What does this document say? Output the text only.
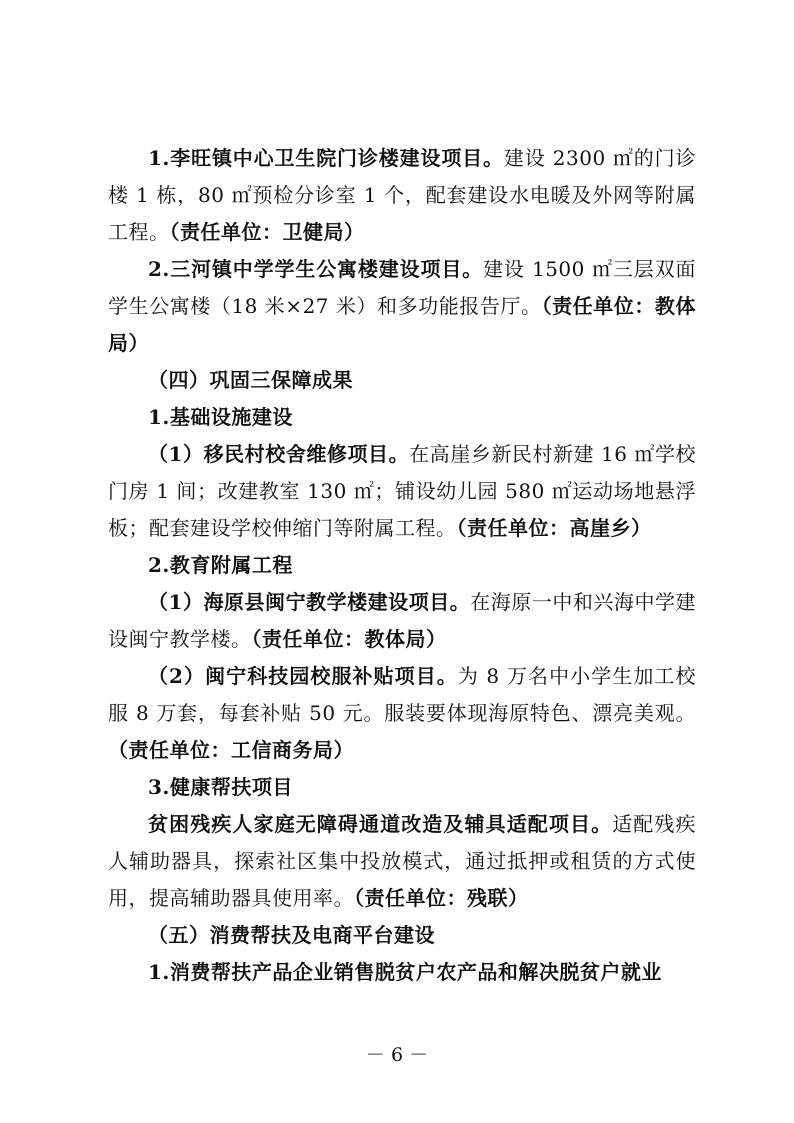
1.李旺镇中心卫生院门诊楼建设项目。建设 2300 ㎡的门诊楼 1 栋，80 ㎡预检分诊室 1 个，配套建设水电暖及外网等附属工程。（责任单位：卫健局）

2.三河镇中学学生公寓楼建设项目。建设 1500 ㎡三层双面学生公寓楼（18 米×27 米）和多功能报告厅。（责任单位：教体局）

（四）巩固三保障成果

1.基础设施建设

（1）移民村校舍维修项目。在高崖乡新民村新建 16 ㎡学校门房 1 间；改建教室 130 ㎡；铺设幼儿园 580 ㎡运动场地悬浮板；配套建设学校伸缩门等附属工程。（责任单位：高崖乡）

2.教育附属工程

（1）海原县闽宁教学楼建设项目。在海原一中和兴海中学建设闽宁教学楼。（责任单位：教体局）

（2）闽宁科技园校服补贴项目。为 8 万名中小学生加工校服 8 万套，每套补贴 50 元。服装要体现海原特色、漂亮美观。（责任单位：工信商务局）

3.健康帮扶项目

贫困残疾人家庭无障碍通道改造及辅具适配项目。适配残疾人辅助器具，探索社区集中投放模式，通过抵押或租赁的方式使用，提高辅助器具使用率。（责任单位：残联）

（五）消费帮扶及电商平台建设

1.消费帮扶产品企业销售脱贫户农产品和解决脱贫户就业

－ 6 －
